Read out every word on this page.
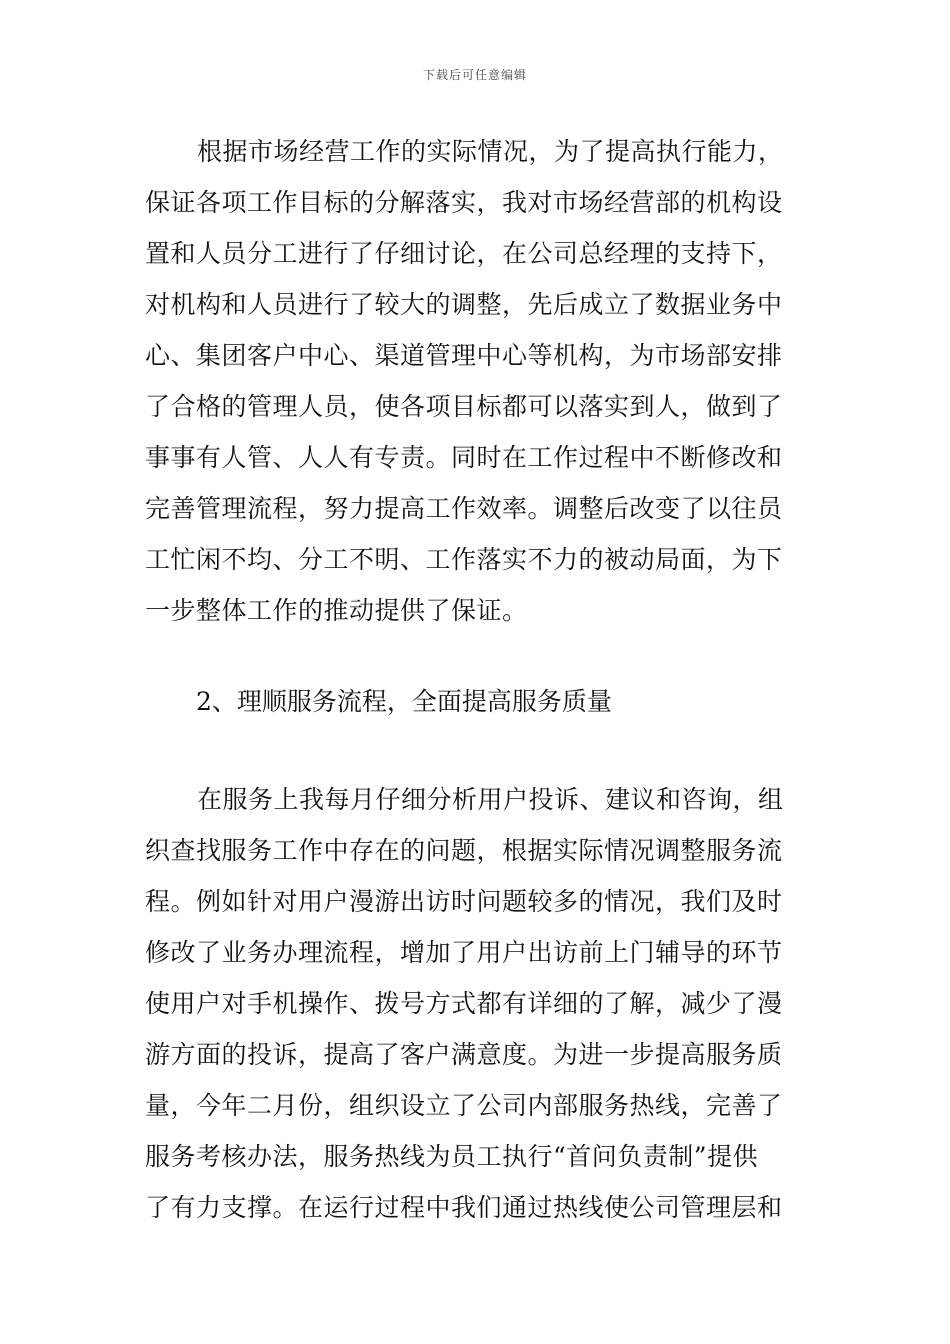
下载后可任意编辑
根据市场经营工作的实际情况，为了提高执行能力，
保证各项工作目标的分解落实，我对市场经营部的机构设
置和人员分工进行了仔细讨论，在公司总经理的支持下，
对机构和人员进行了较大的调整，先后成立了数据业务中
心、集团客户中心、渠道管理中心等机构，为市场部安排
了合格的管理人员，使各项目标都可以落实到人，做到了
事事有人管、人人有专责。同时在工作过程中不断修改和
完善管理流程，努力提高工作效率。调整后改变了以往员
工忙闲不均、分工不明、工作落实不力的被动局面，为下
一步整体工作的推动提供了保证。
2、理顺服务流程，全面提高服务质量
在服务上我每月仔细分析用户投诉、建议和咨询，组
织查找服务工作中存在的问题，根据实际情况调整服务流
程。例如针对用户漫游出访时问题较多的情况，我们及时
修改了业务办理流程，增加了用户出访前上门辅导的环节
使用户对手机操作、拨号方式都有详细的了解，减少了漫
游方面的投诉，提高了客户满意度。为进一步提高服务质
量，今年二月份，组织设立了公司内部服务热线，完善了
服务考核办法，服务热线为员工执行“首问负责制”提供
了有力支撑。在运行过程中我们通过热线使公司管理层和
